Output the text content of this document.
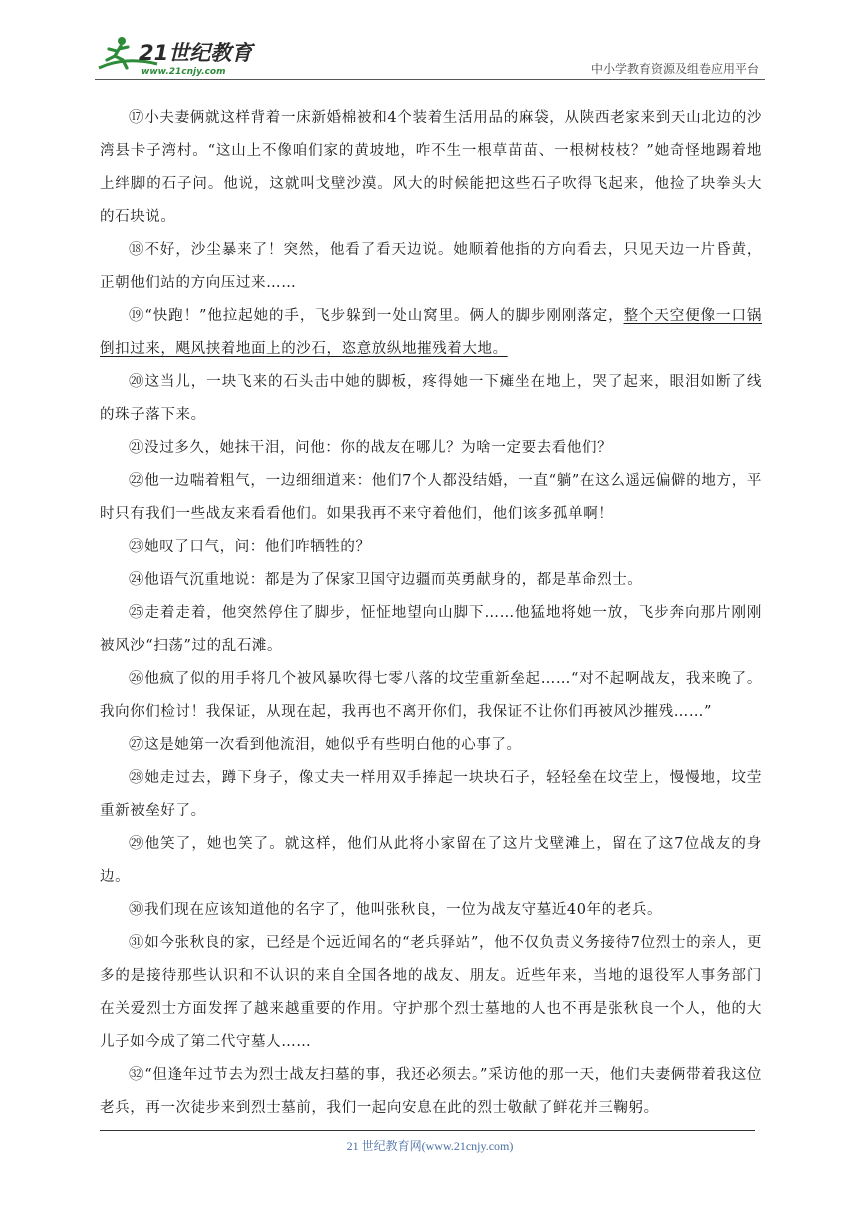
21世纪教育
www.21cnjy.com	中小学教育资源及组卷应用平台

⑰小夫妻俩就这样背着一床新婚棉被和4个装着生活用品的麻袋，从陕西老家来到天山北边的沙湾县卡子湾村。“这山上不像咱们家的黄坡地，咋不生一根草苗苗、一根树枝枝？”她奇怪地踢着地上绊脚的石子问。他说，这就叫戈壁沙漠。风大的时候能把这些石子吹得飞起来，他捡了块拳头大的石块说。

⑱不好，沙尘暴来了！突然，他看了看天边说。她顺着他指的方向看去，只见天边一片昏黄，正朝他们站的方向压过来……

⑲“快跑！”他拉起她的手，飞步躲到一处山窝里。俩人的脚步刚刚落定，整个天空便像一口锅倒扣过来，飓风挟着地面上的沙石，恣意放纵地摧残着大地。

⑳这当儿，一块飞来的石头击中她的脚板，疼得她一下瘫坐在地上，哭了起来，眼泪如断了线的珠子落下来。

㉑没过多久，她抹干泪，问他：你的战友在哪儿？为啥一定要去看他们？

㉒他一边喘着粗气，一边细细道来：他们7个人都没结婚，一直“躺”在这么遥远偏僻的地方，平时只有我们一些战友来看看他们。如果我再不来守着他们，他们该多孤单啊！

㉓她叹了口气，问：他们咋牺牲的？

㉔他语气沉重地说：都是为了保家卫国守边疆而英勇献身的，都是革命烈士。

㉕走着走着，他突然停住了脚步，怔怔地望向山脚下……他猛地将她一放，飞步奔向那片刚刚被风沙“扫荡”过的乱石滩。

㉖他疯了似的用手将几个被风暴吹得七零八落的坟茔重新垒起……“对不起啊战友，我来晚了。我向你们检讨！我保证，从现在起，我再也不离开你们，我保证不让你们再被风沙摧残……”

㉗这是她第一次看到他流泪，她似乎有些明白他的心事了。

㉘她走过去，蹲下身子，像丈夫一样用双手捧起一块块石子，轻轻垒在坟茔上，慢慢地，坟茔重新被垒好了。

㉙他笑了，她也笑了。就这样，他们从此将小家留在了这片戈壁滩上，留在了这7位战友的身边。

㉚我们现在应该知道他的名字了，他叫张秋良，一位为战友守墓近40年的老兵。

㉛如今张秋良的家，已经是个远近闻名的“老兵驿站”，他不仅负责义务接待7位烈士的亲人，更多的是接待那些认识和不认识的来自全国各地的战友、朋友。近些年来，当地的退役军人事务部门在关爱烈士方面发挥了越来越重要的作用。守护那个烈士墓地的人也不再是张秋良一个人，他的大儿子如今成了第二代守墓人……

㉜“但逢年过节去为烈士战友扫墓的事，我还必须去。”采访他的那一天，他们夫妻俩带着我这位老兵，再一次徒步来到烈士墓前，我们一起向安息在此的烈士敬献了鲜花并三鞠躬。

21 世纪教育网(www.21cnjy.com)
